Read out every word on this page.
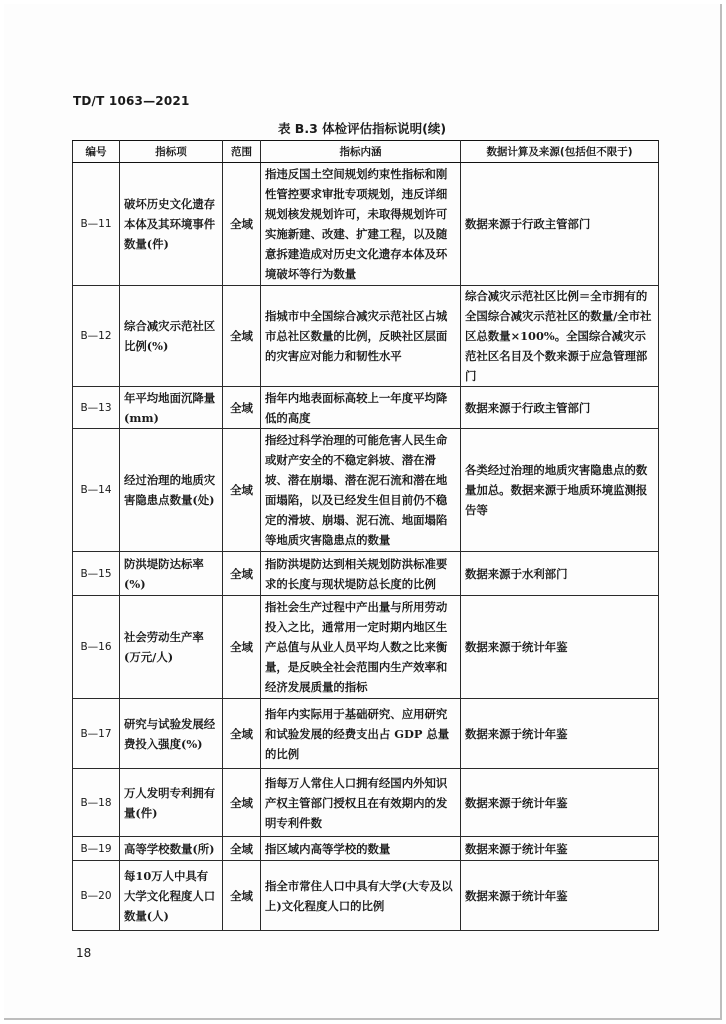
TD/T 1063—2021
表 B.3 体检评估指标说明(续)
编号	指标项	范围	指标内涵	数据计算及来源(包括但不限于)
B—11	破坏历史文化遗存本体及其环境事件数量(件)	全域	指违反国土空间规划约束性指标和刚性管控要求审批专项规划，违反详细规划核发规划许可，未取得规划许可实施新建、改建、扩建工程，以及随意拆建造成对历史文化遗存本体及环境破坏等行为数量	数据来源于行政主管部门
B—12	综合减灾示范社区比例(%)	全域	指城市中全国综合减灾示范社区占城市总社区数量的比例，反映社区层面的灾害应对能力和韧性水平	综合减灾示范社区比例＝全市拥有的全国综合减灾示范社区的数量/全市社区总数量×100%。全国综合减灾示范社区名目及个数来源于应急管理部门
B—13	年平均地面沉降量(mm)	全域	指年内地表面标高较上一年度平均降低的高度	数据来源于行政主管部门
B—14	经过治理的地质灾害隐患点数量(处)	全域	指经过科学治理的可能危害人民生命或财产安全的不稳定斜坡、潜在滑坡、潜在崩塌、潜在泥石流和潜在地面塌陷，以及已经发生但目前仍不稳定的滑坡、崩塌、泥石流、地面塌陷等地质灾害隐患点的数量	各类经过治理的地质灾害隐患点的数量加总。数据来源于地质环境监测报告等
B—15	防洪堤防达标率(%)	全域	指防洪堤防达到相关规划防洪标准要求的长度与现状堤防总长度的比例	数据来源于水利部门
B—16	社会劳动生产率(万元/人)	全域	指社会生产过程中产出量与所用劳动投入之比，通常用一定时期内地区生产总值与从业人员平均人数之比来衡量，是反映全社会范围内生产效率和经济发展质量的指标	数据来源于统计年鉴
B—17	研究与试验发展经费投入强度(%)	全域	指年内实际用于基础研究、应用研究和试验发展的经费支出占 GDP 总量的比例	数据来源于统计年鉴
B—18	万人发明专利拥有量(件)	全域	指每万人常住人口拥有经国内外知识产权主管部门授权且在有效期内的发明专利件数	数据来源于统计年鉴
B—19	高等学校数量(所)	全域	指区域内高等学校的数量	数据来源于统计年鉴
B—20	每10万人中具有大学文化程度人口数量(人)	全域	指全市常住人口中具有大学(大专及以上)文化程度人口的比例	数据来源于统计年鉴
18
